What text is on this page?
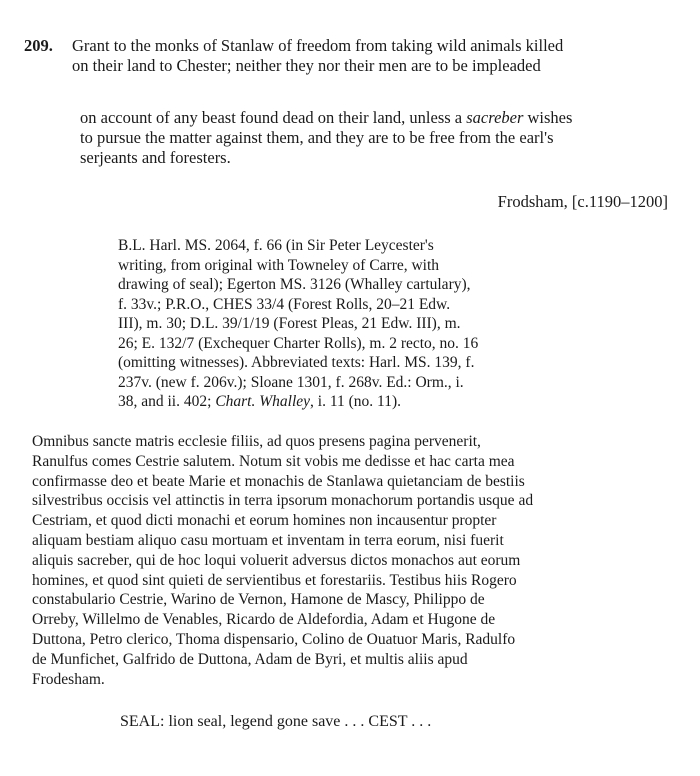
209. Grant to the monks of Stanlaw of freedom from taking wild animals killed
on their land to Chester; neither they nor their men are to be impleaded
on account of any beast found dead on their land, unless a sacreber wishes
to pursue the matter against them, and they are to be free from the earl's
serjeants and foresters.
Frodsham, [c.1190–1200]
B.L. Harl. MS. 2064, f. 66 (in Sir Peter Leycester's
writing, from original with Towneley of Carre, with
drawing of seal); Egerton MS. 3126 (Whalley cartulary),
f. 33v.; P.R.O., CHES 33/4 (Forest Rolls, 20–21 Edw.
III), m. 30; D.L. 39/1/19 (Forest Pleas, 21 Edw. III), m.
26; E. 132/7 (Exchequer Charter Rolls), m. 2 recto, no. 16
(omitting witnesses). Abbreviated texts: Harl. MS. 139, f.
237v. (new f. 206v.); Sloane 1301, f. 268v. Ed.: Orm., i.
38, and ii. 402; Chart. Whalley, i. 11 (no. 11).
Omnibus sancte matris ecclesie filiis, ad quos presens pagina pervenerit,
Ranulfus comes Cestrie salutem. Notum sit vobis me dedisse et hac carta mea
confirmasse deo et beate Marie et monachis de Stanlawa quietanciam de bestiis
silvestribus occisis vel attinctis in terra ipsorum monachorum portandis usque ad
Cestriam, et quod dicti monachi et eorum homines non incausentur propter
aliquam bestiam aliquo casu mortuam et inventam in terra eorum, nisi fuerit
aliquis sacreber, qui de hoc loqui voluerit adversus dictos monachos aut eorum
homines, et quod sint quieti de servientibus et forestariis. Testibus hiis Rogero
constabulario Cestrie, Warino de Vernon, Hamone de Mascy, Philippo de
Orreby, Willelmo de Venables, Ricardo de Aldefordia, Adam et Hugone de
Duttona, Petro clerico, Thoma dispensario, Colino de Ouatuor Maris, Radulfo
de Munfichet, Galfrido de Duttona, Adam de Byri, et multis aliis apud
Frodesham.
SEAL: lion seal, legend gone save . . . CEST . . .
